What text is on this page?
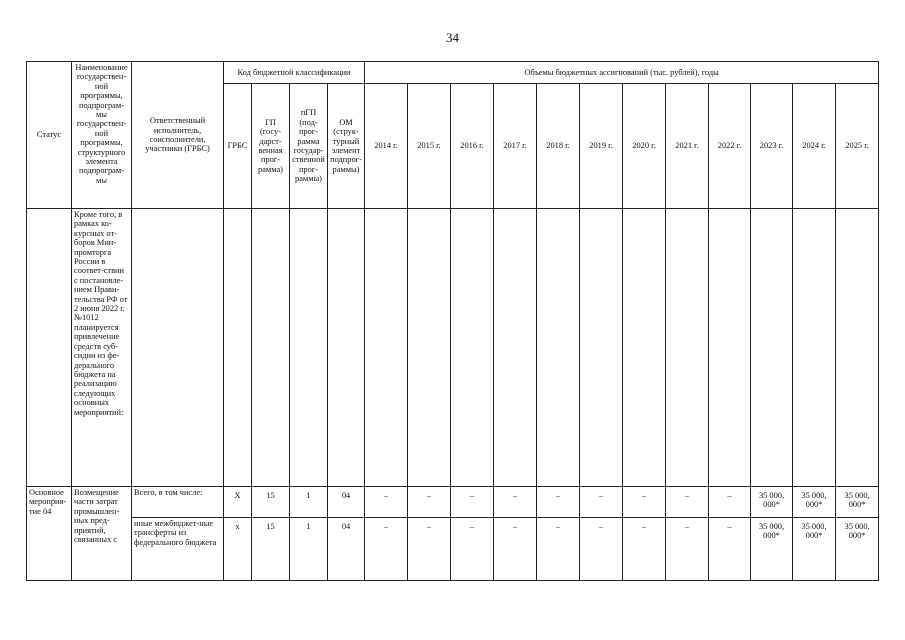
34
Статус	Наименование государствен-ной программы, подпрограм-мы государствен-ной программы, структурного элемента подпрограм-мы	Ответственный исполнитель, соисполнители, участники (ГРБС)	Код бюджетной классификации				Объемы бюджетных ассигнований (тыс. рублей), годы											
			ГРБС	ГП (госу-дарст-венная прог-рамма)	пГП (под-прог-рамма государ-ственной прог-раммы)	ОМ (струк-турный элемент подпрог-раммы)	2014 г.	2015 г.	2016 г.	2017 г.	2018 г.	2019 г.	2020 г.	2021 г.	2022 г.	2023 г.	2024 г.	2025 г.
	Кроме того, в рамках ко-курсных от-боров Мин-промторга России в соответ-ствии с постановле-нием Прави-тельства РФ от 2 июня 2022 г. №1012 планируется привлечение средств суб-сидии из фе-дерального бюджета на реализацию следующих основных мероприятий:																	
Основное мероприя-тие 04	Возмещение части затрат промышлен-ных пред-приятий, связанных с	Всего, в том числе:	Х	15	1	04	–	–	–	–	–	–	–	–	–	35 000, 000*	35 000, 000*	35 000, 000*
		иные межбюджет-ные трансферты из федерального бюджета	х	15	1	04	–	–	–	–	–	–	–	–	–	35 000, 000*	35 000, 000*	35 000, 000*
